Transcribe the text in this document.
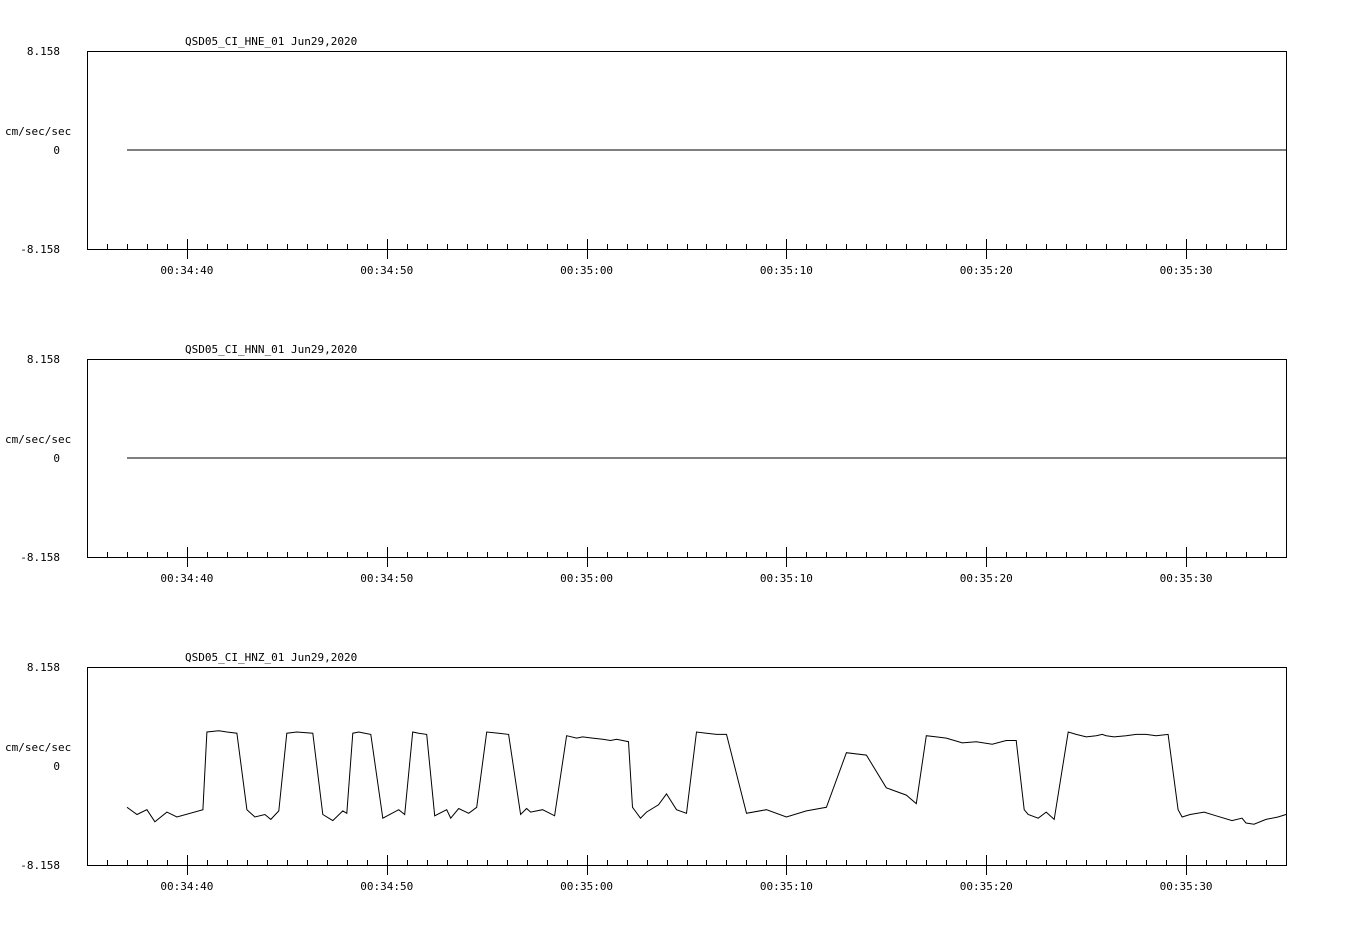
QSD05_CI_HNE_01 Jun29,2020
cm/sec/sec
8.158
0
-8.158
00:34:40	00:34:50	00:35:00	00:35:10	00:35:20	00:35:30
QSD05_CI_HNN_01 Jun29,2020
cm/sec/sec
8.158
0
-8.158
00:34:40	00:34:50	00:35:00	00:35:10	00:35:20	00:35:30
QSD05_CI_HNZ_01 Jun29,2020
cm/sec/sec
8.158
0
-8.158
00:34:40	00:34:50	00:35:00	00:35:10	00:35:20	00:35:30
